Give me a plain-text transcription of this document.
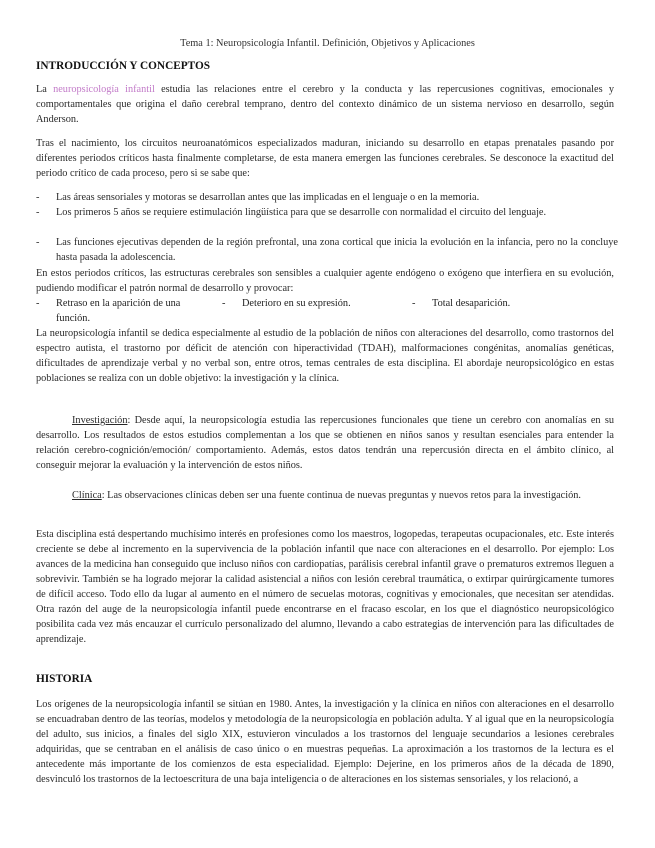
Tema 1: Neuropsicología Infantil. Definición, Objetivos y Aplicaciones
INTRODUCCIÓN Y CONCEPTOS

La neuropsicología infantil estudia las relaciones entre el cerebro y la conducta y las repercusiones cognitivas, emocionales y comportamentales que origina el daño cerebral temprano, dentro del contexto dinámico de un sistema nervioso en desarrollo, según Anderson.

Tras el nacimiento, los circuitos neuroanatómicos especializados maduran, iniciando su desarrollo en etapas prenatales pasando por diferentes periodos críticos hasta finalmente completarse, de esta manera emergen las funciones cerebrales. Se desconoce la exactitud del periodo crítico de cada proceso, pero si se sabe que:

- Las áreas sensoriales y motoras se desarrollan antes que las implicadas en el lenguaje o en la memoria.
- Los primeros 5 años se requiere estimulación lingüística para que se desarrolle con normalidad el circuito del lenguaje.
- Las funciones ejecutivas dependen de la región prefrontal, una zona cortical que inicia la evolución en la infancia, pero no la concluye hasta pasada la adolescencia.

En estos periodos críticos, las estructuras cerebrales son sensibles a cualquier agente endógeno o exógeno que interfiera en su evolución, pudiendo modificar el patrón normal de desarrollo y provocar:

- Retraso en la aparición de una
función.
- Deterioro en su expresión.	- Total desaparición.

La neuropsicología infantil se dedica especialmente al estudio de la población de niños con alteraciones del desarrollo, como trastornos del espectro autista, el trastorno por déficit de atención con hiperactividad (TDAH), malformaciones congénitas, anomalías genéticas, dificultades de aprendizaje verbal y no verbal son, entre otros, temas centrales de esta disciplina. El abordaje neuropsicológico en estas poblaciones se realiza con un doble objetivo: la investigación y la clínica.

Investigación: Desde aquí, la neuropsicología estudia las repercusiones funcionales que tiene un cerebro con anomalías en su desarrollo. Los resultados de estos estudios complementan a los que se obtienen en niños sanos y resultan esenciales para entender la relación cerebro-cognición/emoción/ comportamiento. Además, estos datos tendrán una repercusión directa en el ámbito clínico, al conseguir mejorar la evaluación y la intervención de estos niños.

Clínica: Las observaciones clínicas deben ser una fuente continua de nuevas preguntas y nuevos retos para la investigación.

Esta disciplina está despertando muchísimo interés en profesiones como los maestros, logopedas, terapeutas ocupacionales, etc. Este interés creciente se debe al incremento en la supervivencia de la población infantil que nace con alteraciones en el desarrollo. Por ejemplo: Los avances de la medicina han conseguido que incluso niños con cardiopatías, parálisis cerebral infantil grave o prematuros extremos lleguen a sobrevivir. También se ha logrado mejorar la calidad asistencial a niños con lesión cerebral traumática, o extirpar quirúrgicamente tumores de difícil acceso. Todo ello da lugar al aumento en el número de secuelas motoras, cognitivas y emocionales, que necesitan ser atendidas. Otra razón del auge de la neuropsicología infantil puede encontrarse en el fracaso escolar, en los que el diagnóstico neuropsicológico posibilita cada vez más encauzar el currículo personalizado del alumno, llevando a cabo estrategias de intervención para las dificultades de aprendizaje.

HISTORIA

Los orígenes de la neuropsicología infantil se sitúan en 1980. Antes, la investigación y la clínica en niños con alteraciones en el desarrollo se encuadraban dentro de las teorías, modelos y metodología de la neuropsicología en población adulta. Y al igual que en la neuropsicología del adulto, sus inicios, a finales del siglo XIX, estuvieron vinculados a los trastornos del lenguaje secundarios a lesiones cerebrales adquiridas, que se centraban en el análisis de caso único o en muestras pequeñas. La aproximación a los trastornos de la lectura es el antecedente más importante de los comienzos de esta especialidad. Ejemplo: Dejerine, en los primeros años de la década de 1890, desvinculó los trastornos de la lectoescritura de una baja inteligencia o de alteraciones en los sistemas sensoriales, y los relacionó, a
